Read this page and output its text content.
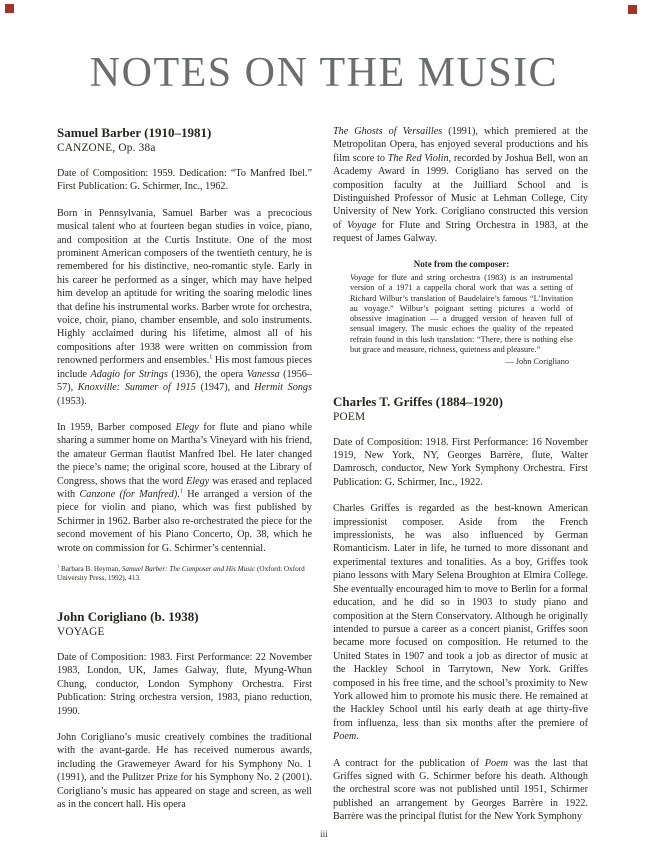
NOTES ON THE MUSIC
Samuel Barber (1910–1981)
CANZONE, Op. 38a

Date of Composition: 1959. Dedication: “To Manfred Ibel.” First Publication: G. Schirmer, Inc., 1962.

Born in Pennsylvania, Samuel Barber was a precocious musical talent who at fourteen began studies in voice, piano, and composition at the Curtis Institute. One of the most prominent American composers of the twentieth century, he is remembered for his distinctive, neo-romantic style. Early in his career he performed as a singer, which may have helped him develop an aptitude for writing the soaring melodic lines that define his instrumental works. Barber wrote for orchestra, voice, choir, piano, chamber ensemble, and solo instruments. Highly acclaimed during his lifetime, almost all of his compositions after 1938 were written on commission from renowned performers and ensembles.$^1$ His most famous pieces include Adagio for Strings (1936), the opera Vanessa (1956–57), Knoxville: Summer of 1915 (1947), and Hermit Songs (1953).

In 1959, Barber composed Elegy for flute and piano while sharing a summer home on Martha’s Vineyard with his friend, the amateur German flautist Manfred Ibel. He later changed the piece’s name; the original score, housed at the Library of Congress, shows that the word Elegy was erased and replaced with Canzone (for Manfred).$^1$ He arranged a version of the piece for violin and piano, which was first published by Schirmer in 1962. Barber also re-orchestrated the piece for the second movement of his Piano Concerto, Op. 38, which he wrote on commission for G. Schirmer’s centennial.

$^1$ Barbara B. Heyman, Samuel Barber: The Composer and His Music (Oxford: Oxford University Press, 1992), 413.
John Corigliano (b. 1938)
VOYAGE

Date of Composition: 1983. First Performance: 22 November 1983, London, UK, James Galway, flute, Myung-Whun Chung, conductor, London Symphony Orchestra. First Publication: String orchestra version, 1983, piano reduction, 1990.

John Corigliano’s music creatively combines the traditional with the avant-garde. He has received numerous awards, including the Grawemeyer Award for his Symphony No. 1 (1991), and the Pulitzer Prize for his Symphony No. 2 (2001). Corigliano’s music has appeared on stage and screen, as well as in the concert hall. His opera

The Ghosts of Versailles (1991), which premiered at the Metropolitan Opera, has enjoyed several productions and his film score to The Red Violin, recorded by Joshua Bell, won an Academy Award in 1999. Corigliano has served on the composition faculty at the Juilliard School and is Distinguished Professor of Music at Lehman College, City University of New York. Corigliano constructed this version of Voyage for Flute and String Orchestra in 1983, at the request of James Galway.

Note from the composer:

Voyage for flute and string orchestra (1983) is an instrumental version of a 1971 a cappella choral work that was a setting of Richard Wilbur’s translation of Baudelaire’s famous “L’Invitation au voyage.” Wilbur’s poignant setting pictures a world of obsessive imagination — a drugged version of heaven full of sensual imagery. The music echoes the quality of the repeated refrain found in this lush translation: “There, there is nothing else but grace and measure, richness, quietness and pleasure.”

— John Corigliano
Charles T. Griffes (1884–1920)
POEM

Date of Composition: 1918. First Performance: 16 November 1919, New York, NY, Georges Barrère, flute, Walter Damrosch, conductor, New York Symphony Orchestra. First Publication: G. Schirmer, Inc., 1922.

Charles Griffes is regarded as the best-known American impressionist composer. Aside from the French impressionists, he was also influenced by German Romanticism. Later in life, he turned to more dissonant and experimental textures and tonalities. As a boy, Griffes took piano lessons with Mary Selena Broughton at Elmira College. She eventually encouraged him to move to Berlin for a formal education, and he did so in 1903 to study piano and composition at the Stern Conservatory. Although he originally intended to pursue a career as a concert pianist, Griffes soon became more focused on composition. He returned to the United States in 1907 and took a job as director of music at the Hackley School in Tarrytown, New York. Griffes composed in his free time, and the school’s proximity to New York allowed him to promote his music there. He remained at the Hackley School until his early death at age thirty-five from influenza, less than six months after the premiere of Poem.

A contract for the publication of Poem was the last that Griffes signed with G. Schirmer before his death. Although the orchestral score was not published until 1951, Schirmer published an arrangement by Georges Barrère in 1922. Barrère was the principal flutist for the New York Symphony

iii
